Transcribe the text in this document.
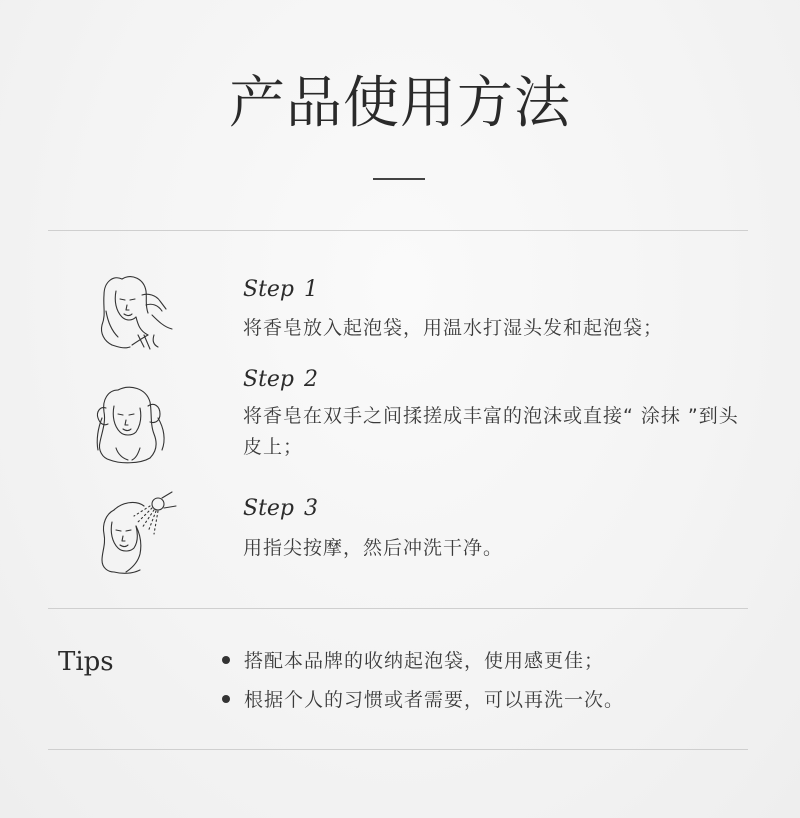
产品使用方法
Step 1
将香皂放入起泡袋，用温水打湿头发和起泡袋；
Step 2
将香皂在双手之间揉搓成丰富的泡沫或直接“ 涂抹 ”到头皮上；
Step 3
用指尖按摩，然后冲洗干净。
Tips	搭配本品牌的收纳起泡袋，使用感更佳；
根据个人的习惯或者需要，可以再洗一次。
